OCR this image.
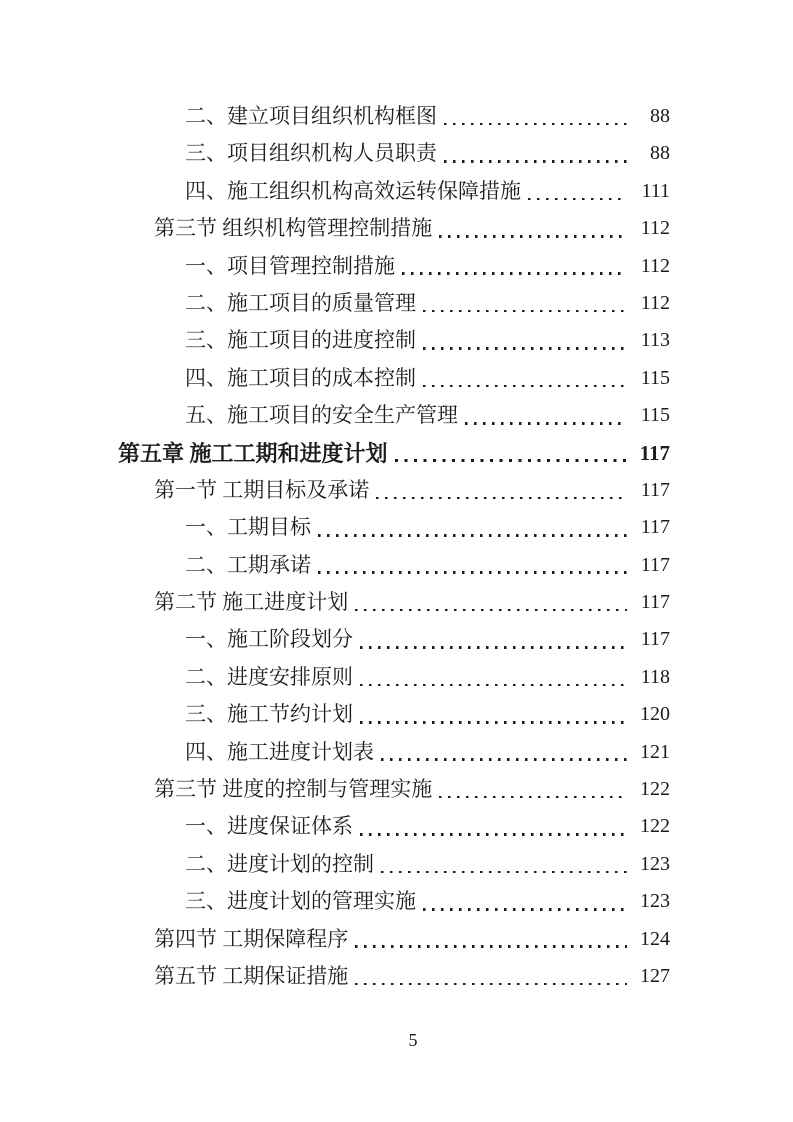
二、建立项目组织机构框图	88
三、项目组织机构人员职责	88
四、施工组织机构高效运转保障措施	111
第三节 组织机构管理控制措施	112
一、项目管理控制措施	112
二、施工项目的质量管理	112
三、施工项目的进度控制	113
四、施工项目的成本控制	115
五、施工项目的安全生产管理	115
第五章 施工工期和进度计划	117
第一节 工期目标及承诺	117
一、工期目标	117
二、工期承诺	117
第二节 施工进度计划	117
一、施工阶段划分	117
二、进度安排原则	118
三、施工节约计划	120
四、施工进度计划表	121
第三节 进度的控制与管理实施	122
一、进度保证体系	122
二、进度计划的控制	123
三、进度计划的管理实施	123
第四节 工期保障程序	124
第五节 工期保证措施	127
5
